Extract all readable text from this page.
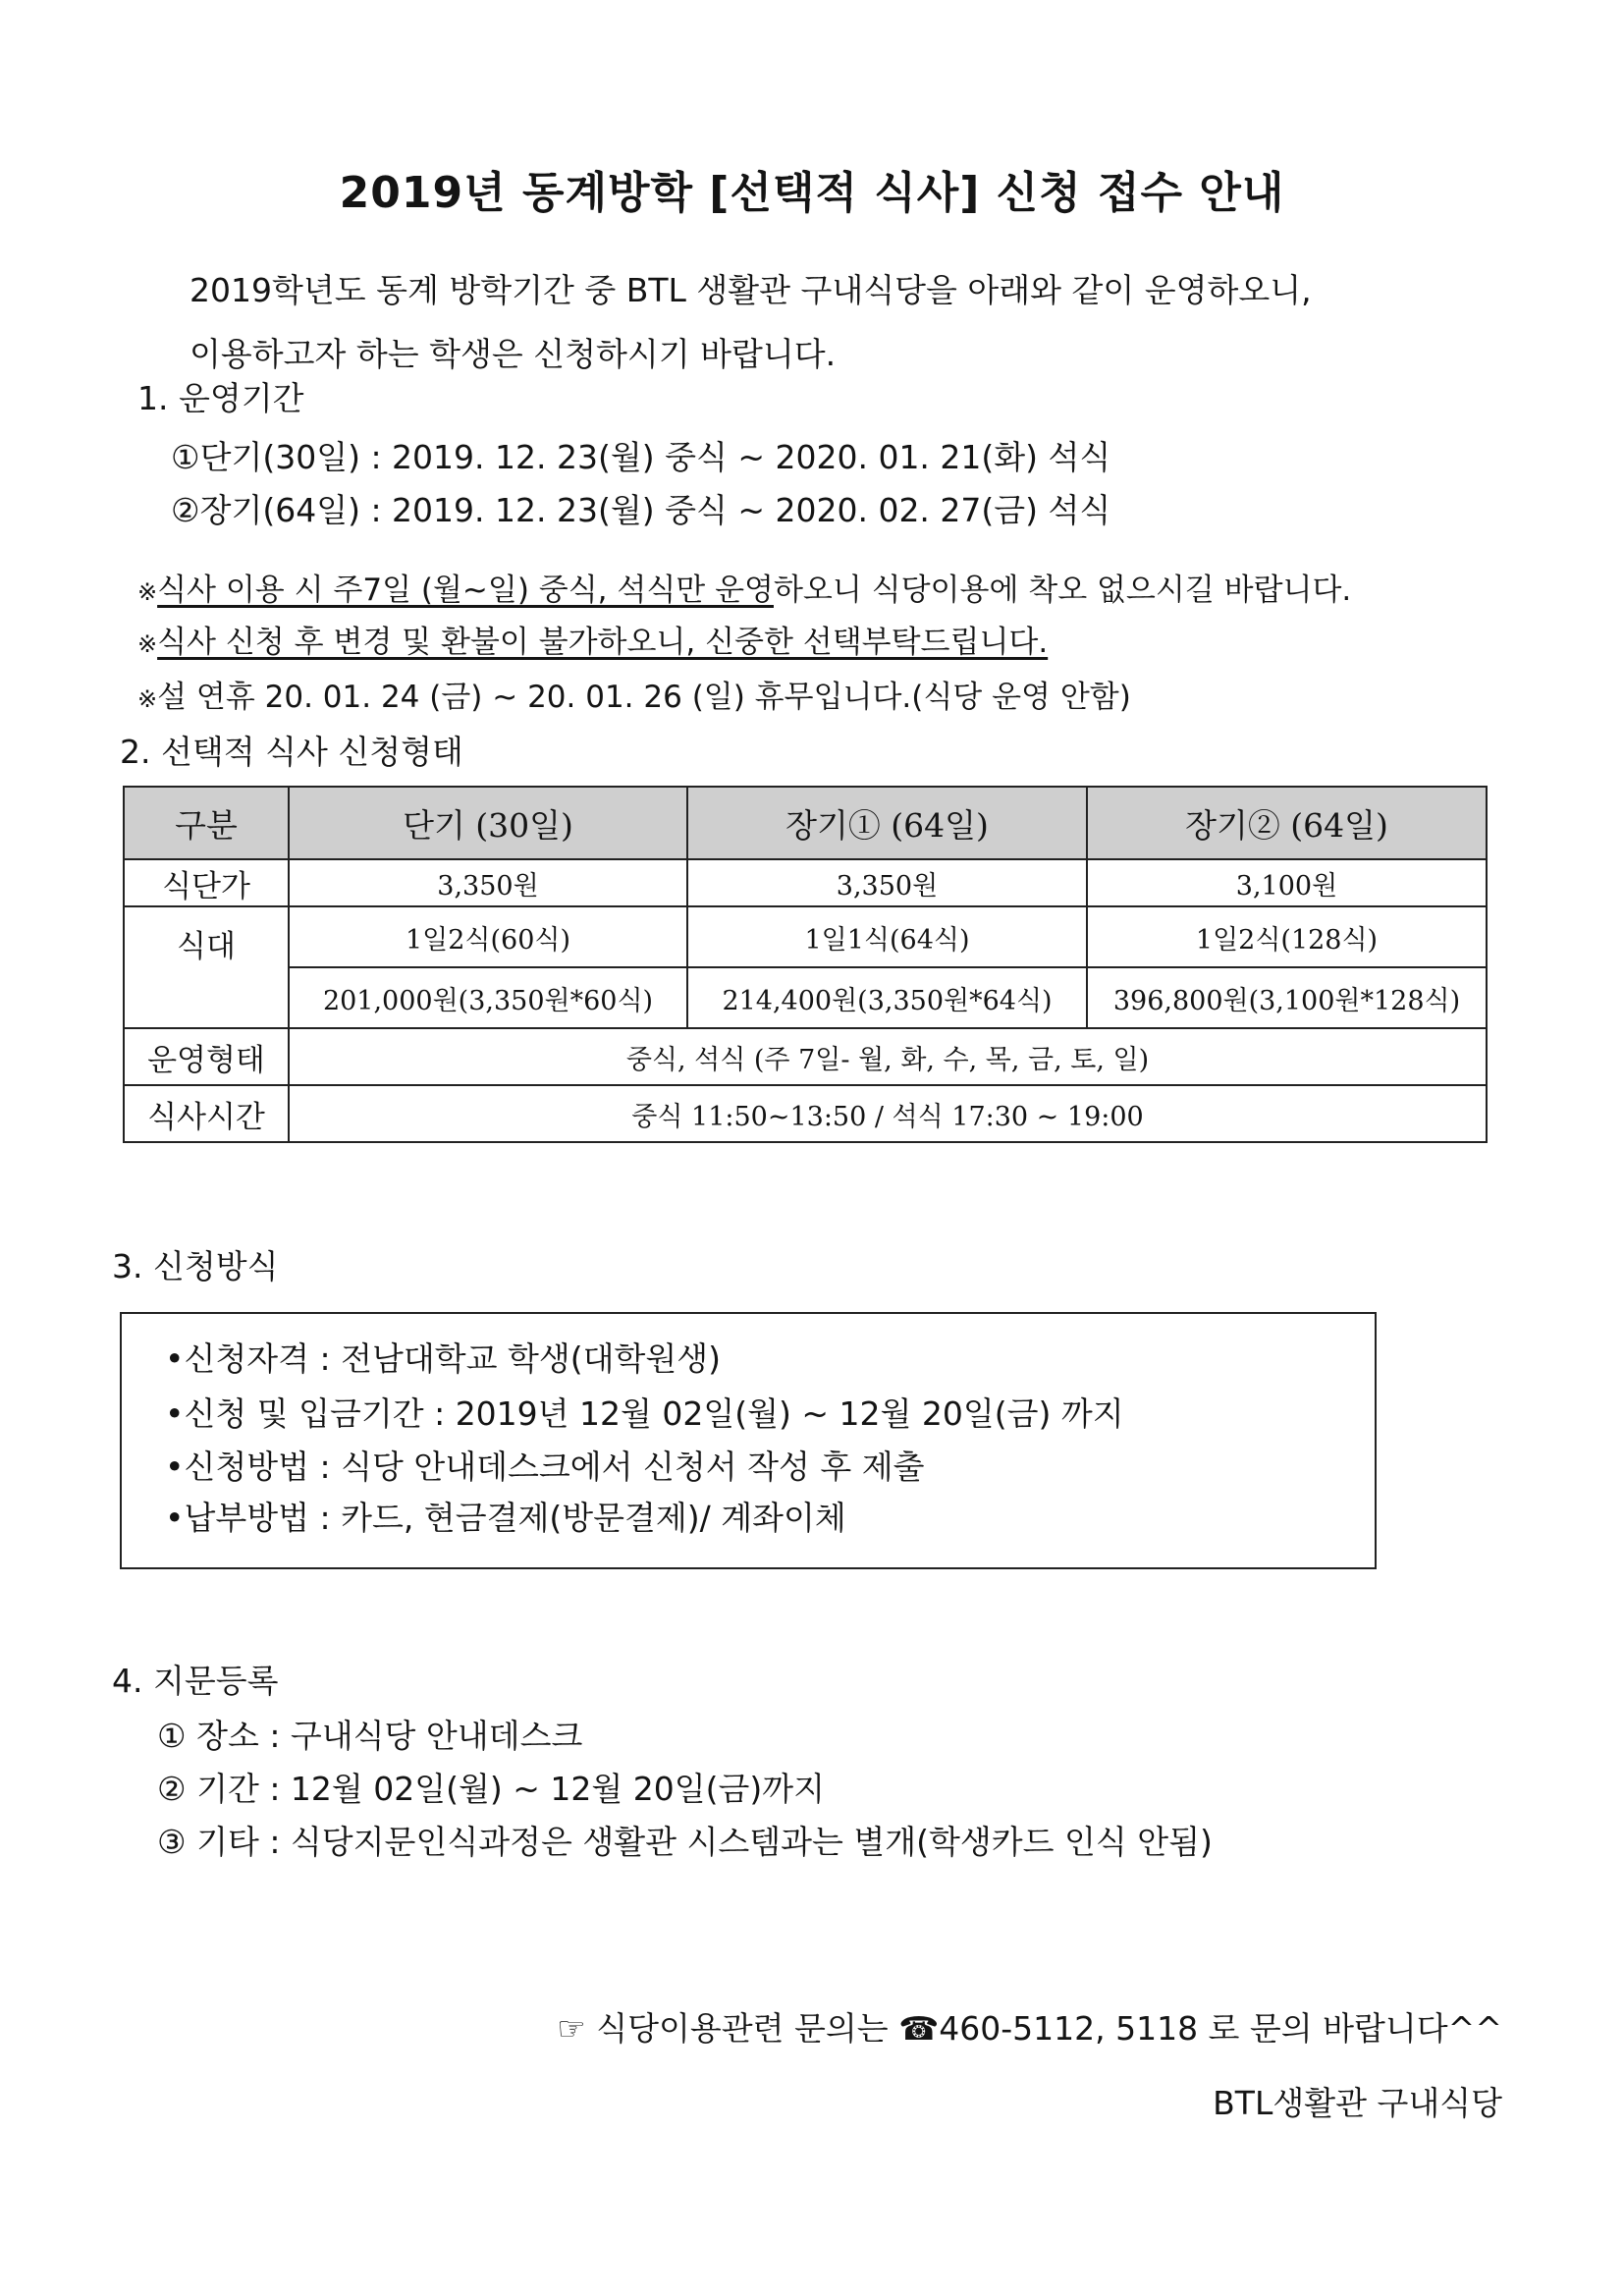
2019년 동계방학 [선택적 식사] 신청 접수 안내
2019학년도 동계 방학기간 중 BTL 생활관 구내식당을 아래와 같이 운영하오니,
이용하고자 하는 학생은 신청하시기 바랍니다.
1. 운영기간
①단기(30일) : 2019. 12. 23(월) 중식 ~ 2020. 01. 21(화) 석식
②장기(64일) : 2019. 12. 23(월) 중식 ~ 2020. 02. 27(금) 석식
※식사 이용 시 주7일 (월~일) 중식, 석식만 운영하오니 식당이용에 착오 없으시길 바랍니다.
※식사 신청 후 변경 및 환불이 불가하오니, 신중한 선택부탁드립니다.
※설 연휴 20. 01. 24 (금) ~ 20. 01. 26 (일) 휴무입니다.(식당 운영 안함)
2. 선택적 식사 신청형태
구분	단기 (30일)	장기① (64일)	장기② (64일)
식단가	3,350원	3,350원	3,100원
식대	1일2식(60식)	1일1식(64식)	1일2식(128식)
	201,000원(3,350원*60식)	214,400원(3,350원*64식)	396,800원(3,100원*128식)
운영형태	중식, 석식 (주 7일- 월, 화, 수, 목, 금, 토, 일)		
식사시간	중식 11:50~13:50 / 석식 17:30 ~ 19:00		
3. 신청방식
•신청자격 : 전남대학교 학생(대학원생)
•신청 및 입금기간 : 2019년 12월 02일(월) ~ 12월 20일(금) 까지
•신청방법 : 식당 안내데스크에서 신청서 작성 후 제출
•납부방법 : 카드, 현금결제(방문결제)/ 계좌이체
4. 지문등록
① 장소 : 구내식당 안내데스크
② 기간 : 12월 02일(월) ~ 12월 20일(금)까지
③ 기타 : 식당지문인식과정은 생활관 시스템과는 별개(학생카드 인식 안됨)
☞ 식당이용관련 문의는 ☎460-5112, 5118 로 문의 바랍니다^^
BTL생활관 구내식당
